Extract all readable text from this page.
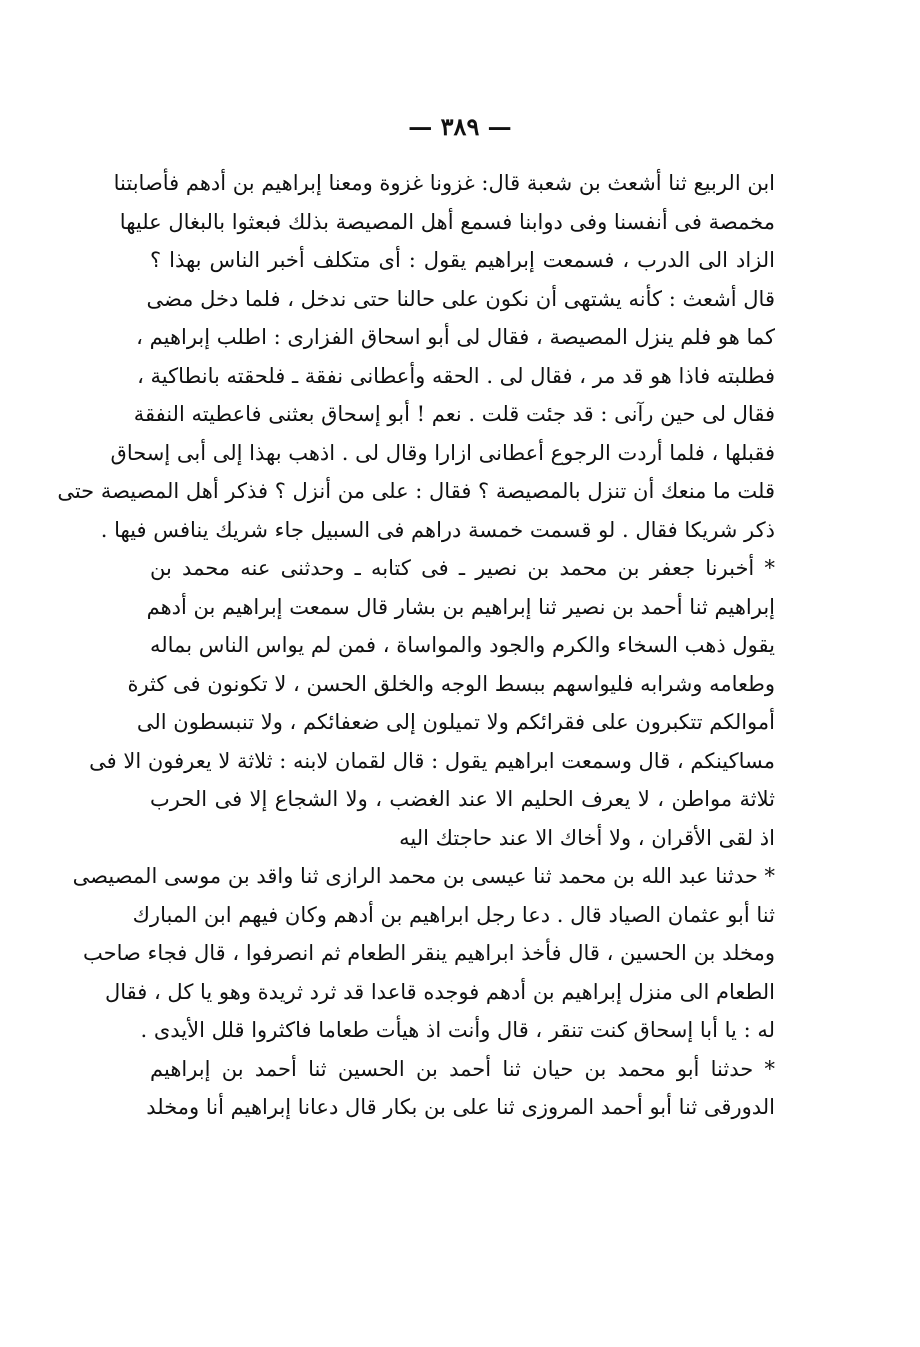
— ٣٨٩ —
ابن الربيع ثنا أشعث بن شعبة قال: غزونا غزوة ومعنا إبراهيم بن أدهم فأصابتنا
مخمصة فى أنفسنا وفى دوابنا فسمع أهل المصيصة بذلك فبعثوا بالبغال عليها
الزاد الى الدرب ، فسمعت إبراهيم يقول : أى متكلف أخبر الناس بهذا ؟
قال أشعث : كأنه يشتهى أن نكون على حالنا حتى ندخل ، فلما دخل مضى
كما هو فلم ينزل المصيصة ، فقال لى أبو اسحاق الفزارى : اطلب إبراهيم ،
فطلبته فاذا هو قد مر ، فقال لى . الحقه وأعطانى نفقة ـ فلحقته بانطاكية ،
فقال لى حين رآنى : قد جئت قلت . نعم ! أبو إسحاق بعثنى فاعطيته النفقة
فقبلها ، فلما أردت الرجوع أعطانى ازارا وقال لى . اذهب بهذا إلى أبى إسحاق
قلت ما منعك أن تنزل بالمصيصة ؟ فقال : على من أنزل ؟ فذكر أهل المصيصة حتى
ذكر شريكا فقال . لو قسمت خمسة دراهم فى السبيل جاء شريك ينافس فيها .
* أخبرنا جعفر بن محمد بن نصير ـ فى كتابه ـ وحدثنى عنه محمد بن
إبراهيم ثنا أحمد بن نصير ثنا إبراهيم بن بشار قال سمعت إبراهيم بن أدهم
يقول ذهب السخاء والكرم والجود والمواساة ، فمن لم يواس الناس بماله
وطعامه وشرابه فليواسهم ببسط الوجه والخلق الحسن ، لا تكونون فى كثرة
أموالكم تتكبرون على فقرائكم ولا تميلون إلى ضعفائكم ، ولا تنبسطون الى
مساكينكم ، قال وسمعت ابراهيم يقول : قال لقمان لابنه : ثلاثة لا يعرفون الا فى
ثلاثة مواطن ، لا يعرف الحليم الا عند الغضب ، ولا الشجاع إلا فى الحرب
اذ لقى الأقران ، ولا أخاك الا عند حاجتك اليه
* حدثنا عبد الله بن محمد ثنا عيسى بن محمد الرازى ثنا واقد بن موسى المصيصى
ثنا أبو عثمان الصياد قال . دعا رجل ابراهيم بن أدهم وكان فيهم ابن المبارك
ومخلد بن الحسين ، قال فأخذ ابراهيم ينقر الطعام ثم انصرفوا ، قال فجاء صاحب
الطعام الى منزل إبراهيم بن أدهم فوجده قاعدا قد ثرد ثريدة وهو يا كل ، فقال
له : يا أبا إسحاق كنت تنقر ، قال وأنت اذ هيأت طعاما فاكثروا قلل الأيدى .
* حدثنا أبو محمد بن حيان ثنا أحمد بن الحسين ثنا أحمد بن إبراهيم
الدورقى ثنا أبو أحمد المروزى ثنا على بن بكار قال دعانا إبراهيم أنا ومخلد
